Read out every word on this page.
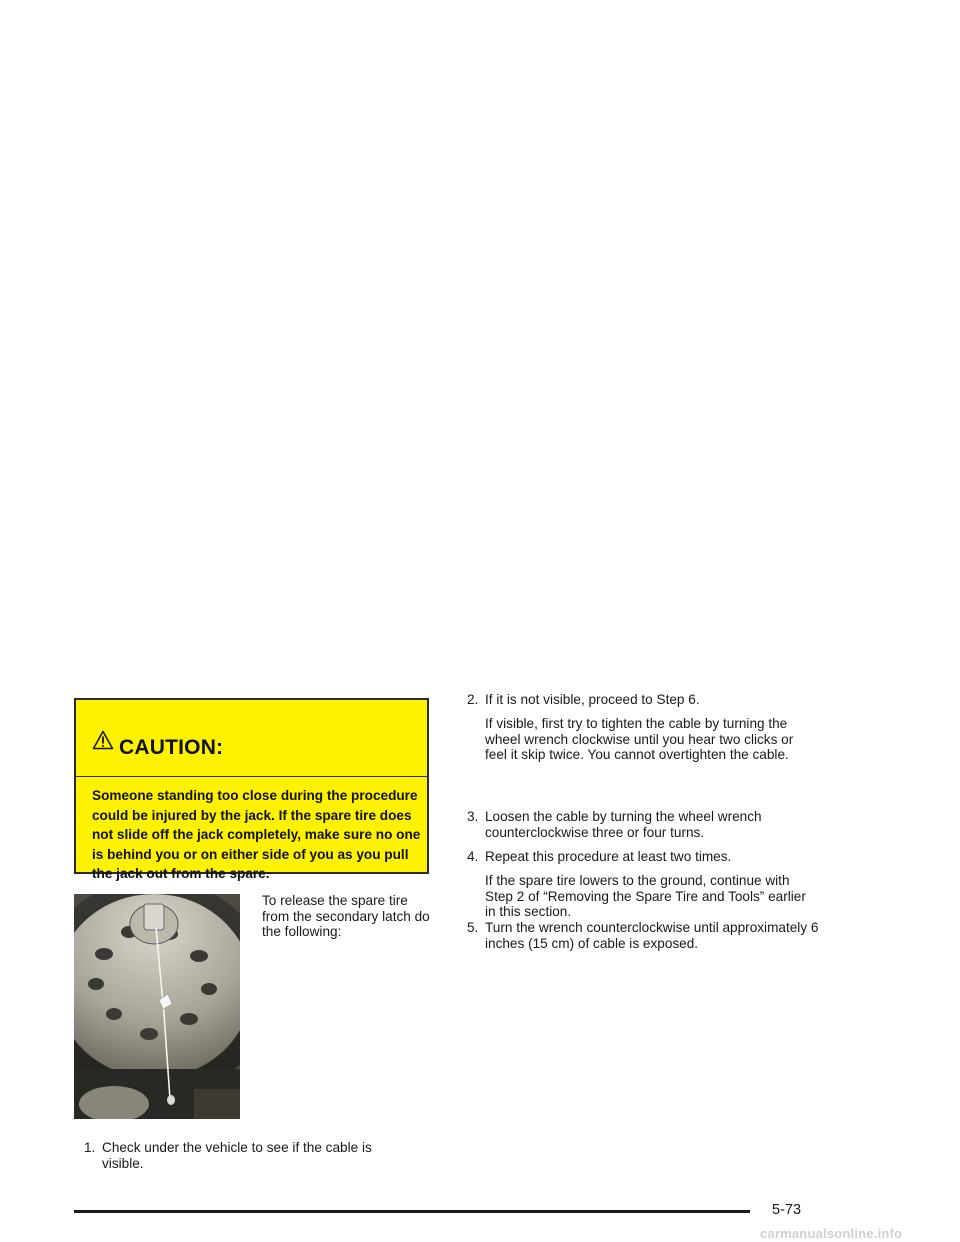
CAUTION:
Someone standing too close during the procedure could be injured by the jack. If the spare tire does not slide off the jack completely, make sure no one is behind you or on either side of you as you pull the jack out from the spare.
To release the spare tire from the secondary latch do the following:
1. Check under the vehicle to see if the cable is visible.
2. If it is not visible, proceed to Step 6.
If visible, first try to tighten the cable by turning the wheel wrench clockwise until you hear two clicks or feel it skip twice. You cannot overtighten the cable.
3. Loosen the cable by turning the wheel wrench counterclockwise three or four turns.
4. Repeat this procedure at least two times.
If the spare tire lowers to the ground, continue with Step 2 of “Removing the Spare Tire and Tools” earlier in this section.
5. Turn the wrench counterclockwise until approximately 6 inches (15 cm) of cable is exposed.
5-73
carmanualsonline.info
